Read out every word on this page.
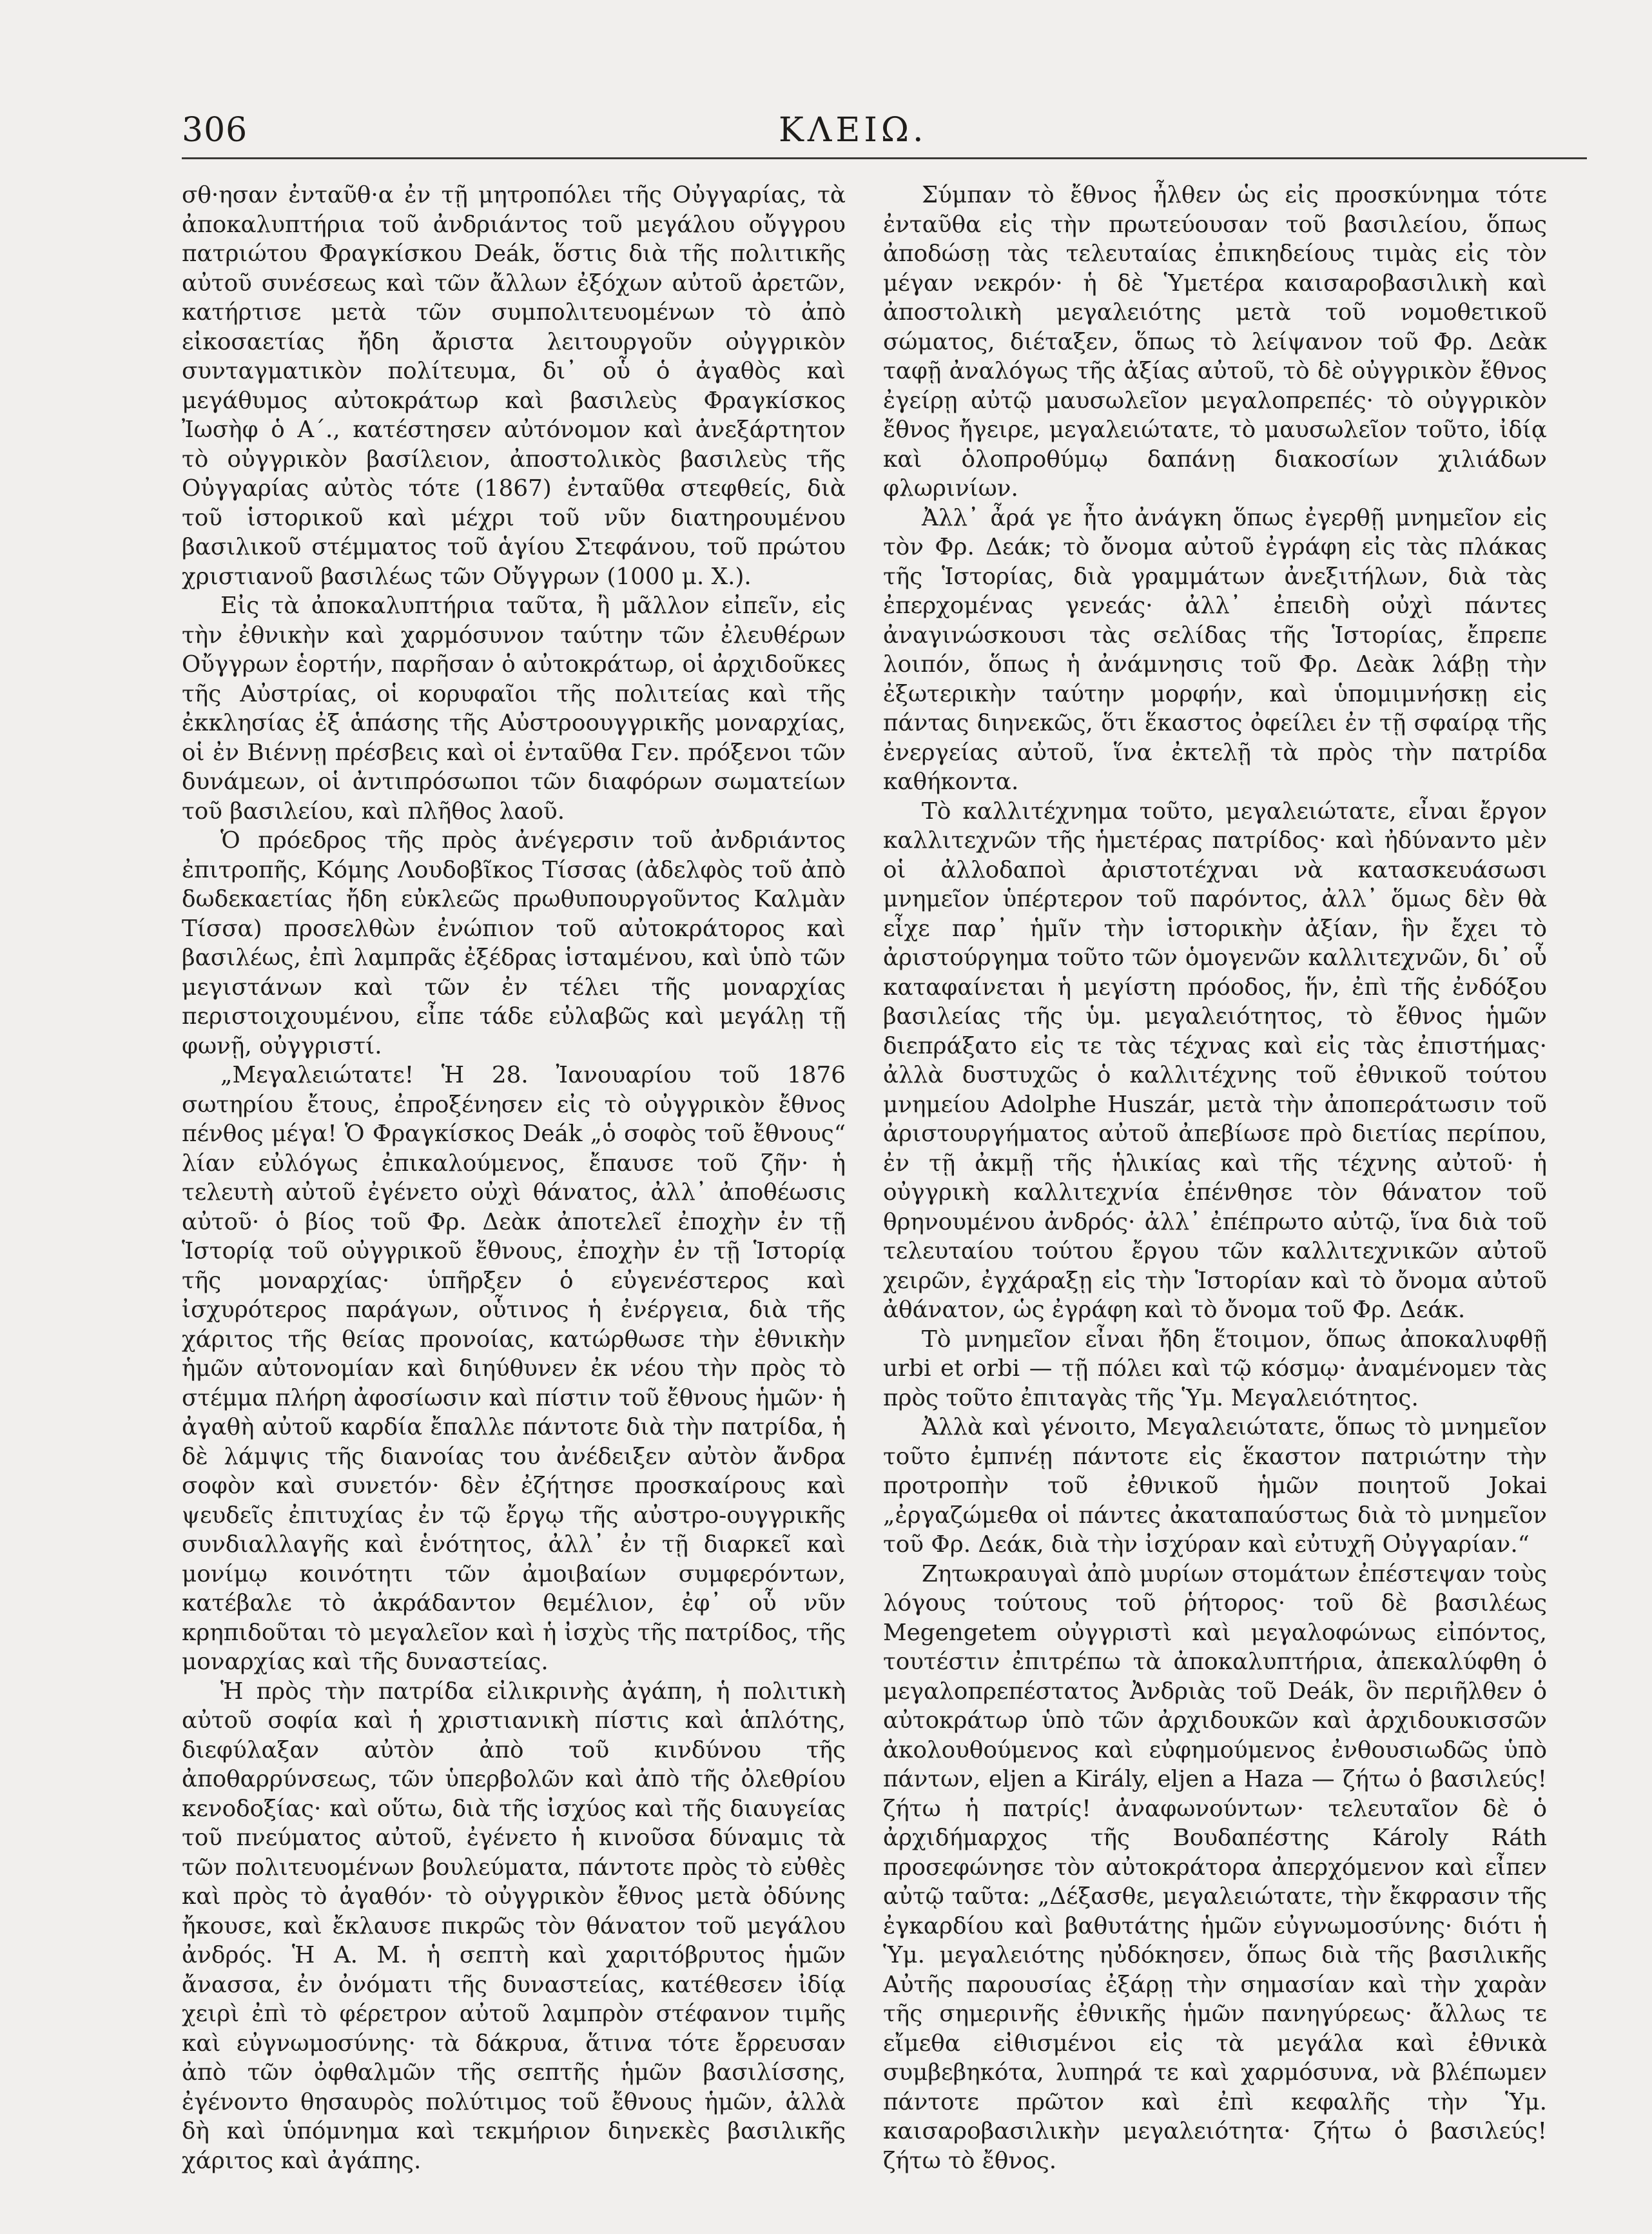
306	ΚΛΕΙΩ.

σθ·ησαν ἐνταῦθ·α ἐν τῇ μητροπόλει τῆς Οὐγγαρίας, τὰ ἀποκαλυπτήρια τοῦ ἀνδριάντος τοῦ μεγάλου οὔγγρου πατριώτου Φραγκίσκου Deák, ὅστις διὰ τῆς πολιτικῆς αὐτοῦ συνέσεως καὶ τῶν ἄλλων ἐξόχων αὐτοῦ ἀρετῶν, κατήρτισε μετὰ τῶν συμπολιτευομένων τὸ ἀπὸ εἰκοσαετίας ἤδη ἄριστα λειτουργοῦν οὐγγρικὸν συνταγματικὸν πολίτευμα, δι᾽ οὗ ὁ ἀγαθὸς καὶ μεγάθυμος αὐτοκράτωρ καὶ βασιλεὺς Φραγκίσκος Ἰωσὴφ ὁ Α΄., κατέστησεν αὐτόνομον καὶ ἀνεξάρτητον τὸ οὐγγρικὸν βασίλειον, ἀποστολικὸς βασιλεὺς τῆς Οὐγγαρίας αὐτὸς τότε (1867) ἐνταῦθα στεφθείς, διὰ τοῦ ἱστορικοῦ καὶ μέχρι τοῦ νῦν διατηρουμένου βασιλικοῦ στέμματος τοῦ ἁγίου Στεφάνου, τοῦ πρώτου χριστιανοῦ βασιλέως τῶν Οὔγγρων (1000 μ. Χ.).

Εἰς τὰ ἀποκαλυπτήρια ταῦτα, ἢ μᾶλλον εἰπεῖν, εἰς τὴν ἐθνικὴν καὶ χαρμόσυνον ταύτην τῶν ἐλευθέρων Οὔγγρων ἑορτήν, παρῆσαν ὁ αὐτοκράτωρ, οἱ ἀρχιδοῦκες τῆς Αὐστρίας, οἱ κορυφαῖοι τῆς πολιτείας καὶ τῆς ἐκκλησίας ἐξ ἁπάσης τῆς Αὐστροουγγρικῆς μοναρχίας, οἱ ἐν Βιέννῃ πρέσβεις καὶ οἱ ἐνταῦθα Γεν. πρόξενοι τῶν δυνάμεων, οἱ ἀντιπρόσωποι τῶν διαφόρων σωματείων τοῦ βασιλείου, καὶ πλῆθος λαοῦ.

Ὁ πρόεδρος τῆς πρὸς ἀνέγερσιν τοῦ ἀνδριάντος ἐπιτροπῆς, Κόμης Λουδοβῖκος Τίσσας (ἀδελφὸς τοῦ ἀπὸ δωδεκαετίας ἤδη εὐκλεῶς πρωθυπουργοῦντος Καλμὰν Τίσσα) προσελθὼν ἐνώπιον τοῦ αὐτοκράτορος καὶ βασιλέως, ἐπὶ λαμπρᾶς ἐξέδρας ἱσταμένου, καὶ ὑπὸ τῶν μεγιστάνων καὶ τῶν ἐν τέλει τῆς μοναρχίας περιστοιχουμένου, εἶπε τάδε εὐλαβῶς καὶ μεγάλῃ τῇ φωνῇ, οὐγγριστί.

„Μεγαλειώτατε! Ἡ 28. Ἰανουαρίου τοῦ 1876 σωτηρίου ἔτους, ἐπροξένησεν εἰς τὸ οὐγγρικὸν ἔθνος πένθος μέγα! Ὁ Φραγκίσκος Deák „ὁ σοφὸς τοῦ ἔθνους“ λίαν εὐλόγως ἐπικαλούμενος, ἔπαυσε τοῦ ζῆν· ἡ τελευτὴ αὐτοῦ ἐγένετο οὐχὶ θάνατος, ἀλλ᾽ ἀποθέωσις αὐτοῦ· ὁ βίος τοῦ Φρ. Δεὰκ ἀποτελεῖ ἐποχὴν ἐν τῇ Ἱστορίᾳ τοῦ οὐγγρικοῦ ἔθνους, ἐποχὴν ἐν τῇ Ἱστορίᾳ τῆς μοναρχίας· ὑπῆρξεν ὁ εὐγενέστερος καὶ ἰσχυρότερος παράγων, οὗτινος ἡ ἐνέργεια, διὰ τῆς χάριτος τῆς θείας προνοίας, κατώρθωσε τὴν ἐθνικὴν ἡμῶν αὐτονομίαν καὶ διηύθυνεν ἐκ νέου τὴν πρὸς τὸ στέμμα πλήρη ἀφοσίωσιν καὶ πίστιν τοῦ ἔθνους ἡμῶν· ἡ ἀγαθὴ αὐτοῦ καρδία ἔπαλλε πάντοτε διὰ τὴν πατρίδα, ἡ δὲ λάμψις τῆς διανοίας του ἀνέδειξεν αὐτὸν ἄνδρα σοφὸν καὶ συνετόν· δὲν ἐζήτησε προσκαίρους καὶ ψευδεῖς ἐπιτυχίας ἐν τῷ ἔργῳ τῆς αὐστρο-ουγγρικῆς συνδιαλλαγῆς καὶ ἑνότητος, ἀλλ᾽ ἐν τῇ διαρκεῖ καὶ μονίμῳ κοινότητι τῶν ἀμοιβαίων συμφερόντων, κατέβαλε τὸ ἀκράδαντον θεμέλιον, ἐφ᾽ οὗ νῦν κρηπιδοῦται τὸ μεγαλεῖον καὶ ἡ ἰσχὺς τῆς πατρίδος, τῆς μοναρχίας καὶ τῆς δυναστείας.

Ἡ πρὸς τὴν πατρίδα εἰλικρινὴς ἀγάπη, ἡ πολιτικὴ αὐτοῦ σοφία καὶ ἡ χριστιανικὴ πίστις καὶ ἁπλότης, διεφύλαξαν αὐτὸν ἀπὸ τοῦ κινδύνου τῆς ἀποθαρρύνσεως, τῶν ὑπερβολῶν καὶ ἀπὸ τῆς ὀλεθρίου κενοδοξίας· καὶ οὕτω, διὰ τῆς ἰσχύος καὶ τῆς διαυγείας τοῦ πνεύματος αὐτοῦ, ἐγένετο ἡ κινοῦσα δύναμις τὰ τῶν πολιτευομένων βουλεύματα, πάντοτε πρὸς τὸ εὐθὲς καὶ πρὸς τὸ ἀγαθόν· τὸ οὐγγρικὸν ἔθνος μετὰ ὀδύνης ἤκουσε, καὶ ἔκλαυσε πικρῶς τὸν θάνατον τοῦ μεγάλου ἀνδρός. Ἡ Α. Μ. ἡ σεπτὴ καὶ χαριτόβρυτος ἡμῶν ἄνασσα, ἐν ὀνόματι τῆς δυναστείας, κατέθεσεν ἰδίᾳ χειρὶ ἐπὶ τὸ φέρετρον αὐτοῦ λαμπρὸν στέφανον τιμῆς καὶ εὐγνωμοσύνης· τὰ δάκρυα, ἅτινα τότε ἔρρευσαν ἀπὸ τῶν ὀφθαλμῶν τῆς σεπτῆς ἡμῶν βασιλίσσης, ἐγένοντο θησαυρὸς πολύτιμος τοῦ ἔθνους ἡμῶν, ἀλλὰ δὴ καὶ ὑπόμνημα καὶ τεκμήριον διηνεκὲς βασιλικῆς χάριτος καὶ ἀγάπης.

Σύμπαν τὸ ἔθνος ἦλθεν ὡς εἰς προσκύνημα τότε ἐνταῦθα εἰς τὴν πρωτεύουσαν τοῦ βασιλείου, ὅπως ἀποδώσῃ τὰς τελευταίας ἐπικηδείους τιμὰς εἰς τὸν μέγαν νεκρόν· ἡ δὲ Ὑμετέρα καισαροβασιλικὴ καὶ ἀποστολικὴ μεγαλειότης μετὰ τοῦ νομοθετικοῦ σώματος, διέταξεν, ὅπως τὸ λείψανον τοῦ Φρ. Δεὰκ ταφῇ ἀναλόγως τῆς ἀξίας αὐτοῦ, τὸ δὲ οὐγγρικὸν ἔθνος ἐγείρῃ αὐτῷ μαυσωλεῖον μεγαλοπρεπές· τὸ οὐγγρικὸν ἔθνος ἤγειρε, μεγαλειώτατε, τὸ μαυσωλεῖον τοῦτο, ἰδίᾳ καὶ ὁλοπροθύμῳ δαπάνῃ διακοσίων χιλιάδων φλωρινίων.

Ἀλλ᾽ ἆρά γε ἦτο ἀνάγκη ὅπως ἐγερθῇ μνημεῖον εἰς τὸν Φρ. Δεάκ; τὸ ὄνομα αὐτοῦ ἐγράφη εἰς τὰς πλάκας τῆς Ἱστορίας, διὰ γραμμάτων ἀνεξιτήλων, διὰ τὰς ἐπερχομένας γενεάς· ἀλλ᾽ ἐπειδὴ οὐχὶ πάντες ἀναγινώσκουσι τὰς σελίδας τῆς Ἱστορίας, ἔπρεπε λοιπόν, ὅπως ἡ ἀνάμνησις τοῦ Φρ. Δεὰκ λάβῃ τὴν ἐξωτερικὴν ταύτην μορφήν, καὶ ὑπομιμνήσκῃ εἰς πάντας διηνεκῶς, ὅτι ἕκαστος ὀφείλει ἐν τῇ σφαίρᾳ τῆς ἐνεργείας αὐτοῦ, ἵνα ἐκτελῇ τὰ πρὸς τὴν πατρίδα καθήκοντα.

Τὸ καλλιτέχνημα τοῦτο, μεγαλειώτατε, εἶναι ἔργον καλλιτεχνῶν τῆς ἡμετέρας πατρίδος· καὶ ἠδύναντο μὲν οἱ ἀλλοδαποὶ ἀριστοτέχναι νὰ κατασκευάσωσι μνημεῖον ὑπέρτερον τοῦ παρόντος, ἀλλ᾽ ὅμως δὲν θὰ εἶχε παρ᾽ ἡμῖν τὴν ἱστορικὴν ἀξίαν, ἣν ἔχει τὸ ἀριστούργημα τοῦτο τῶν ὁμογενῶν καλλιτεχνῶν, δι᾽ οὗ καταφαίνεται ἡ μεγίστη πρόοδος, ἥν, ἐπὶ τῆς ἐνδόξου βασιλείας τῆς ὑμ. μεγαλειότητος, τὸ ἔθνος ἡμῶν διεπράξατο εἰς τε τὰς τέχνας καὶ εἰς τὰς ἐπιστήμας· ἀλλὰ δυστυχῶς ὁ καλλιτέχνης τοῦ ἐθνικοῦ τούτου μνημείου Adolphe Huszár, μετὰ τὴν ἀποπεράτωσιν τοῦ ἀριστουργήματος αὐτοῦ ἀπεβίωσε πρὸ διετίας περίπου, ἐν τῇ ἀκμῇ τῆς ἡλικίας καὶ τῆς τέχνης αὐτοῦ· ἡ οὐγγρικὴ καλλιτεχνία ἐπένθησε τὸν θάνατον τοῦ θρηνουμένου ἀνδρός· ἀλλ᾽ ἐπέπρωτο αὐτῷ, ἵνα διὰ τοῦ τελευταίου τούτου ἔργου τῶν καλλιτεχνικῶν αὐτοῦ χειρῶν, ἐγχάραξῃ εἰς τὴν Ἱστορίαν καὶ τὸ ὄνομα αὐτοῦ ἀθάνατον, ὡς ἐγράφη καὶ τὸ ὄνομα τοῦ Φρ. Δεάκ.

Τὸ μνημεῖον εἶναι ἤδη ἕτοιμον, ὅπως ἀποκαλυφθῇ urbi et orbi — τῇ πόλει καὶ τῷ κόσμῳ· ἀναμένομεν τὰς πρὸς τοῦτο ἐπιταγὰς τῆς Ὑμ. Μεγαλειότητος.

Ἀλλὰ καὶ γένοιτο, Μεγαλειώτατε, ὅπως τὸ μνημεῖον τοῦτο ἐμπνέῃ πάντοτε εἰς ἕκαστον πατριώτην τὴν προτροπὴν τοῦ ἐθνικοῦ ἡμῶν ποιητοῦ Jokai „ἐργαζώμεθα οἱ πάντες ἀκαταπαύστως διὰ τὸ μνημεῖον τοῦ Φρ. Δεάκ, διὰ τὴν ἰσχύραν καὶ εὐτυχῆ Οὐγγαρίαν.“

Ζητωκραυγαὶ ἀπὸ μυρίων στομάτων ἐπέστεψαν τοὺς λόγους τούτους τοῦ ῥήτορος· τοῦ δὲ βασιλέως Megengetem οὐγγριστὶ καὶ μεγαλοφώνως εἰπόντος, τουτέστιν ἐπιτρέπω τὰ ἀποκαλυπτήρια, ἀπεκαλύφθη ὁ μεγαλοπρεπέστατος Ἀνδριὰς τοῦ Deák, ὃν περιῆλθεν ὁ αὐτοκράτωρ ὑπὸ τῶν ἀρχιδουκῶν καὶ ἀρχιδουκισσῶν ἀκολουθούμενος καὶ εὐφημούμενος ἐνθουσιωδῶς ὑπὸ πάντων, eljen a Király, eljen a Haza — ζήτω ὁ βασιλεύς! ζήτω ἡ πατρίς! ἀναφωνούντων· τελευταῖον δὲ ὁ ἀρχιδήμαρχος τῆς Βουδαπέστης Károly Ráth προσεφώνησε τὸν αὐτοκράτορα ἀπερχόμενον καὶ εἶπεν αὐτῷ ταῦτα: „Δέξασθε, μεγαλειώτατε, τὴν ἔκφρασιν τῆς ἐγκαρδίου καὶ βαθυτάτης ἡμῶν εὐγνωμοσύνης· διότι ἡ Ὑμ. μεγαλειότης ηὐδόκησεν, ὅπως διὰ τῆς βασιλικῆς Αὐτῆς παρουσίας ἐξάρῃ τὴν σημασίαν καὶ τὴν χαρὰν τῆς σημερινῆς ἐθνικῆς ἡμῶν πανηγύρεως· ἄλλως τε εἴμεθα εἰθισμένοι εἰς τὰ μεγάλα καὶ ἐθνικὰ συμβεβηκότα, λυπηρά τε καὶ χαρμόσυνα, νὰ βλέπωμεν πάντοτε πρῶτον καὶ ἐπὶ κεφαλῆς τὴν Ὑμ. καισαροβασιλικὴν μεγαλειότητα· ζήτω ὁ βασιλεύς! ζήτω τὸ ἔθνος.
